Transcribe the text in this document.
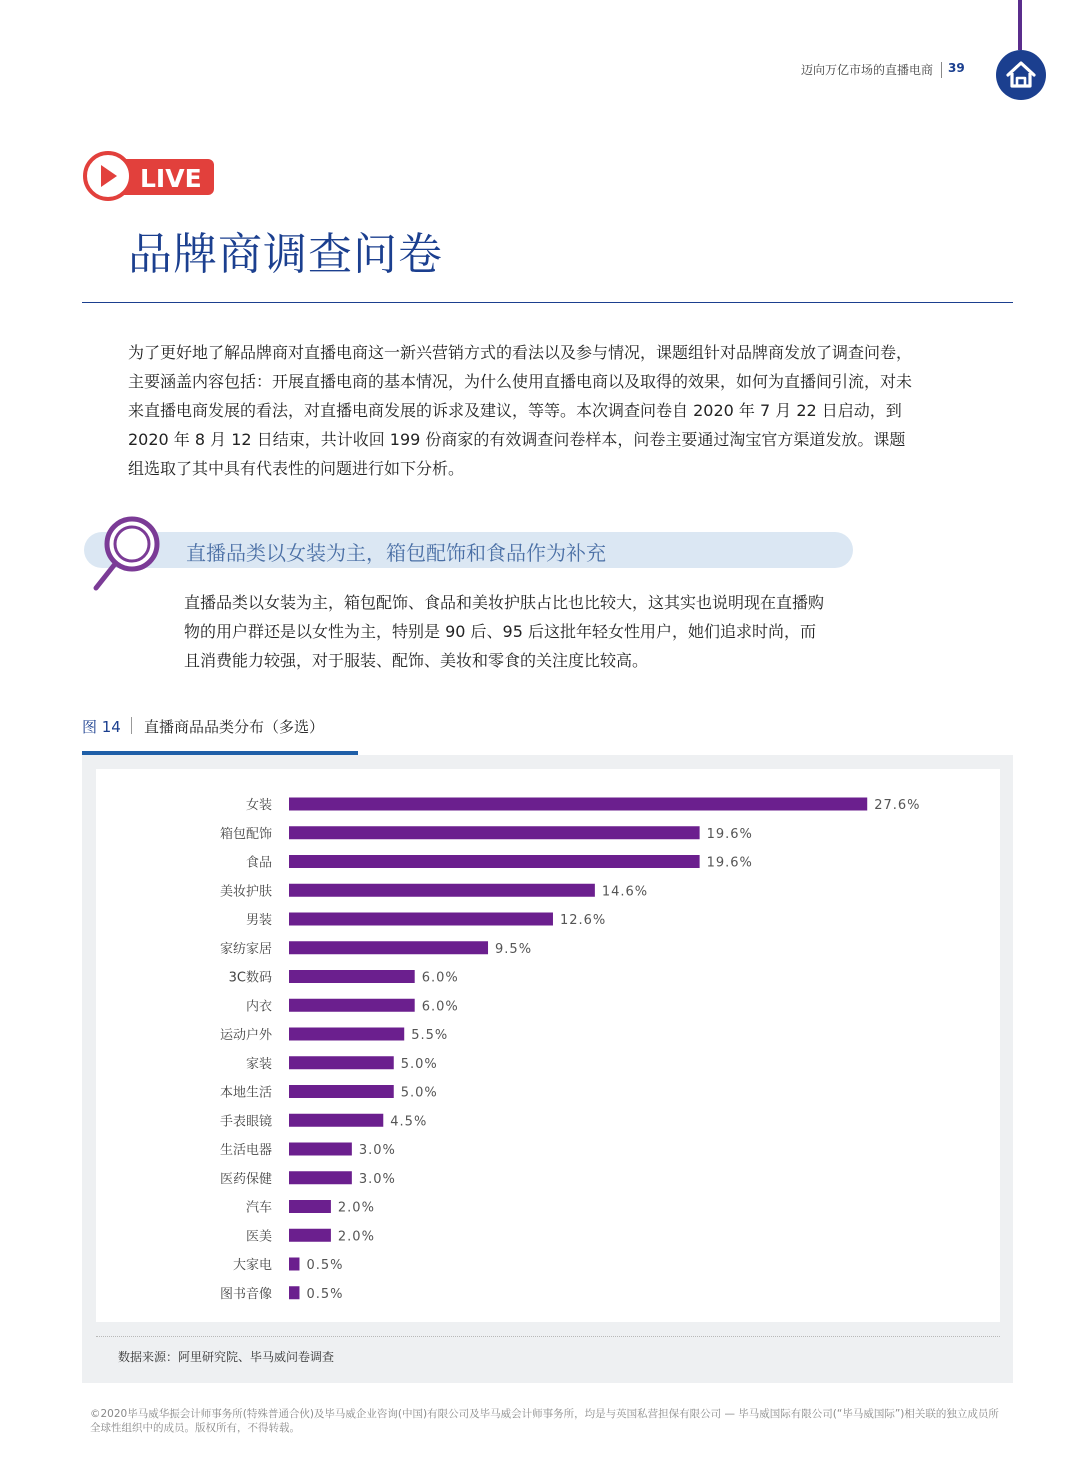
迈向万亿市场的直播电商 39
LIVE
品牌商调查问卷
为了更好地了解品牌商对直播电商这一新兴营销方式的看法以及参与情况，课题组针对品牌商发放了调查问卷，主要涵盖内容包括：开展直播电商的基本情况，为什么使用直播电商以及取得的效果，如何为直播间引流，对未来直播电商发展的看法，对直播电商发展的诉求及建议，等等。本次调查问卷自 2020 年 7 月 22 日启动，到 2020 年 8 月 12 日结束，共计收回 199 份商家的有效调查问卷样本，问卷主要通过淘宝官方渠道发放。课题组选取了其中具有代表性的问题进行如下分析。
直播品类以女装为主，箱包配饰和食品作为补充
直播品类以女装为主，箱包配饰、食品和美妆护肤占比也比较大，这其实也说明现在直播购物的用户群还是以女性为主，特别是 90 后、95 后这批年轻女性用户，她们追求时尚，而且消费能力较强，对于服装、配饰、美妆和零食的关注度比较高。
图 14 直播商品品类分布（多选）
女装	27.6%
箱包配饰	19.6%
食品	19.6%
美妆护肤	14.6%
男装	12.6%
家纺家居	9.5%
3C数码	6.0%
内衣	6.0%
运动户外	5.5%
家装	5.0%
本地生活	5.0%
手表眼镜	4.5%
生活电器	3.0%
医药保健	3.0%
汽车	2.0%
医美	2.0%
大家电	0.5%
图书音像	0.5%
数据来源：阿里研究院、毕马威问卷调查
©2020毕马威华振会计师事务所(特殊普通合伙)及毕马威企业咨询(中国)有限公司及毕马威会计师事务所，均是与英国私营担保有限公司 — 毕马威国际有限公司(“毕马威国际”)相关联的独立成员所全球性组织中的成员。版权所有，不得转载。
